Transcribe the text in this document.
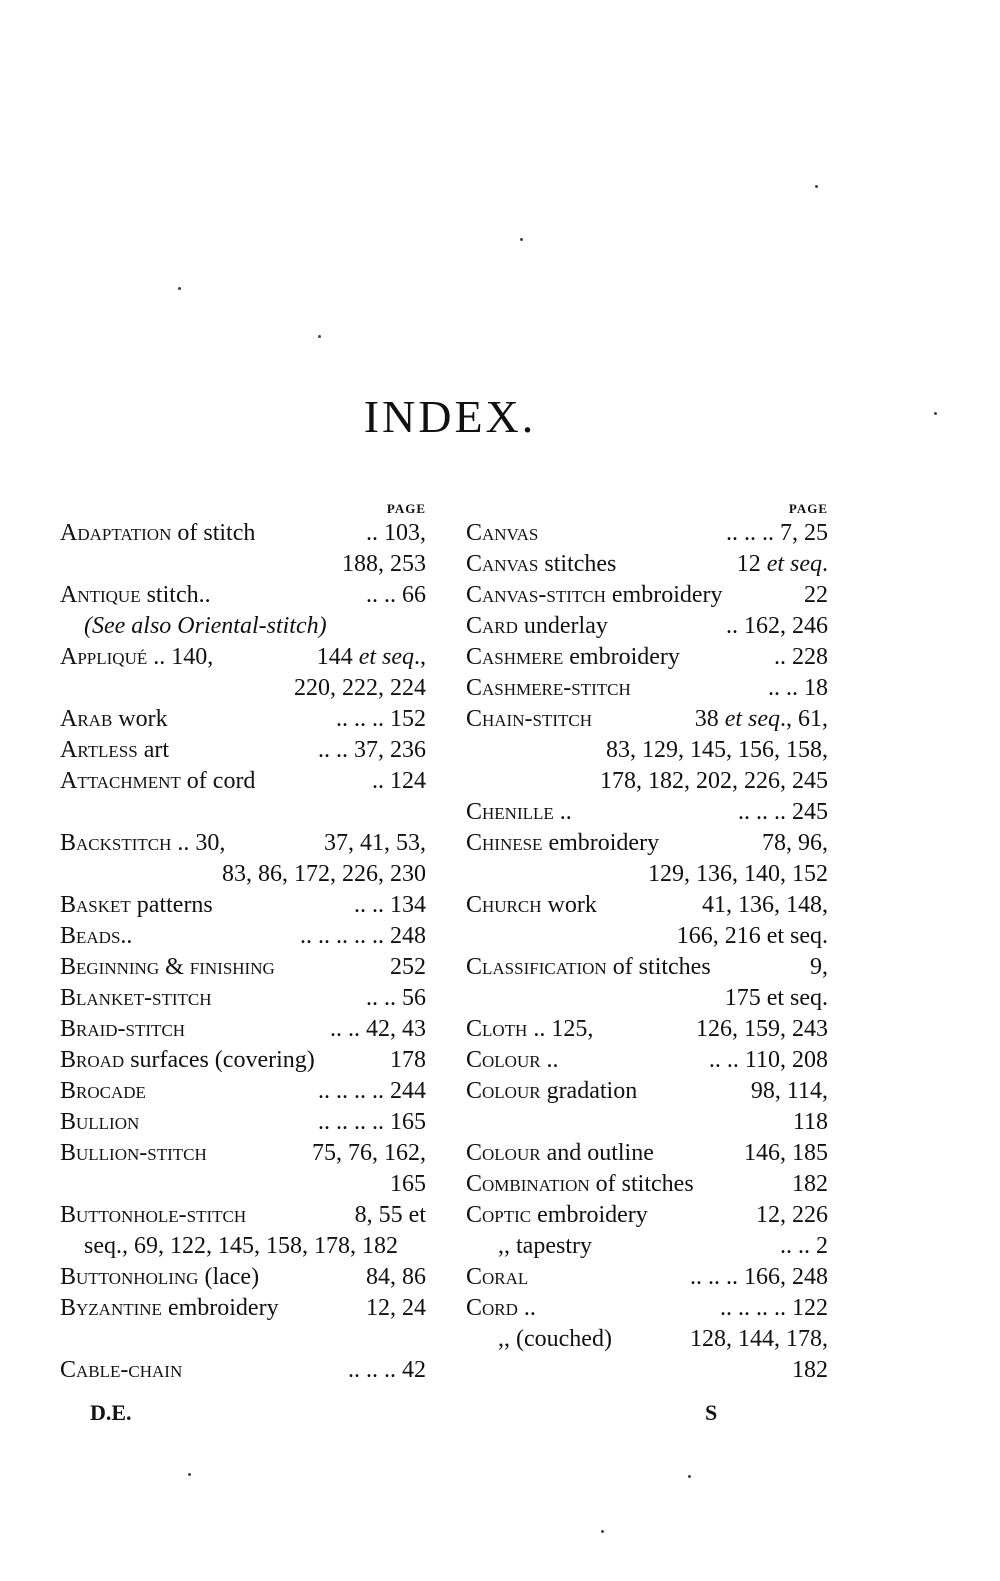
INDEX.
PAGE
Adaptation of stitch	.. 103,
188, 253
Antique stitch..	.. .. 66
(See also Oriental-stitch)
Appliqué .. 140,	144 et seq.,
220, 222, 224
Arab work	.. .. .. 152
Artless art	.. .. 37, 236
Attachment of cord	.. 124
Backstitch .. 30,	37, 41, 53,
83, 86, 172, 226, 230
Basket patterns	.. .. 134
Beads..	.. .. .. .. .. 248
Beginning & finishing	252
Blanket-stitch	.. .. 56
Braid-stitch	.. .. 42, 43
Broad surfaces (covering)	178
Brocade	.. .. .. .. 244
Bullion	.. .. .. .. 165
Bullion-stitch	75, 76, 162,
165
Buttonhole-stitch	8, 55 et
seq., 69, 122, 145, 158, 178, 182
Buttonholing (lace)	84, 86
Byzantine embroidery	12, 24
Cable-chain	.. .. .. 42
PAGE
Canvas	.. .. .. 7, 25
Canvas stitches	12 et seq.
Canvas-stitch embroidery	22
Card underlay	.. 162, 246
Cashmere embroidery	.. 228
Cashmere-stitch	.. .. 18
Chain-stitch	38 et seq., 61,
83, 129, 145, 156, 158,
178, 182, 202, 226, 245
Chenille ..	.. .. .. 245
Chinese embroidery	78, 96,
129, 136, 140, 152
Church work	41, 136, 148,
166, 216 et seq.
Classification of stitches	9,
175 et seq.
Cloth .. 125,	126, 159, 243
Colour ..	.. .. 110, 208
Colour gradation	98, 114,
118
Colour and outline	146, 185
Combination of stitches	182
Coptic embroidery	12, 226
,, tapestry	.. .. 2
Coral	.. .. .. 166, 248
Cord ..	.. .. .. .. 122
,, (couched)	128, 144, 178,
182
D.E.	S
